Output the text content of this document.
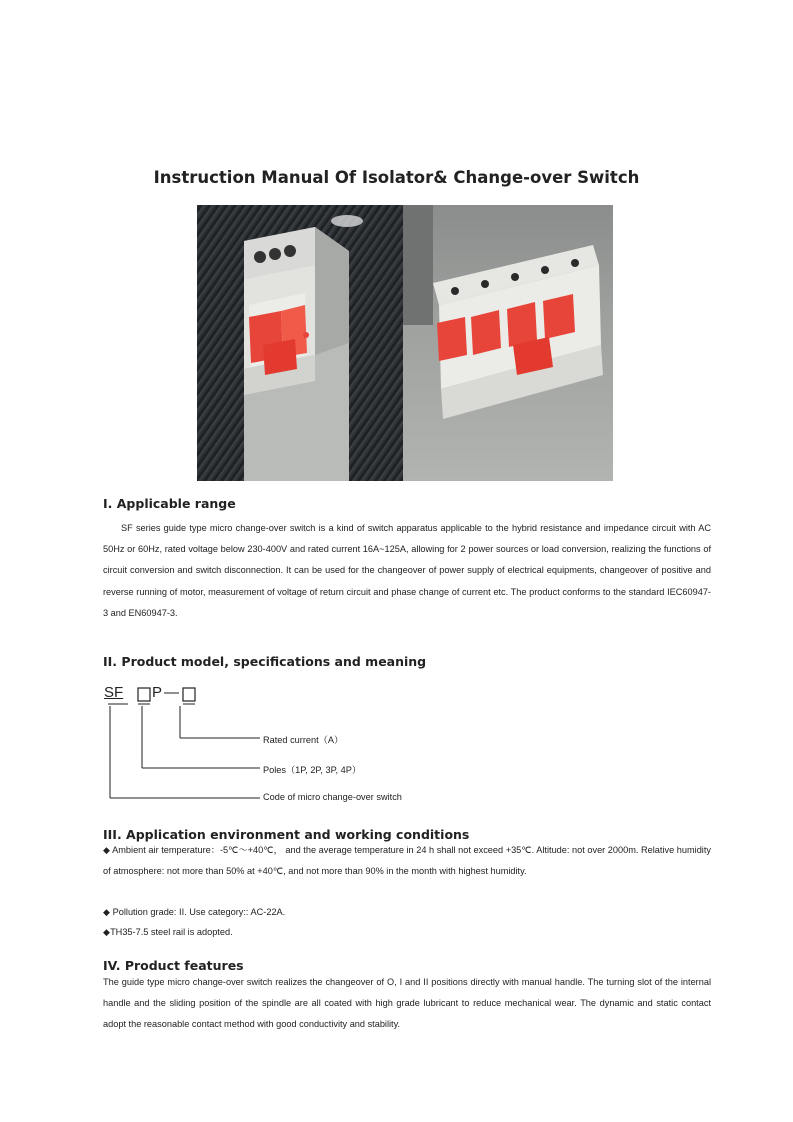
Instruction Manual Of Isolator& Change-over Switch
I. Applicable range
SF series guide type micro change-over switch is a kind of switch apparatus applicable to the hybrid resistance and impedance circuit with AC 50Hz or 60Hz, rated voltage below 230-400V and rated current 16A~125A, allowing for 2 power sources or load conversion, realizing the functions of circuit conversion and switch disconnection. It can be used for the changeover of power supply of electrical equipments, changeover of positive and reverse running of motor, measurement of voltage of return circuit and phase change of current etc. The product conforms to the standard IEC60947-3 and EN60947-3.
II. Product model, specifications and meaning
SF P —
Rated current（A）
Poles（1P, 2P, 3P, 4P）
Code of micro change-over switch
III. Application environment and working conditions
◆ Ambient air temperature：-5℃～+40℃， and the average temperature in 24 h shall not exceed +35℃. Altitude: not over 2000m. Relative humidity of atmosphere: not more than 50% at +40℃, and not more than 90% in the month with highest humidity.
◆ Pollution grade: II. Use category:: AC-22A.
◆TH35-7.5 steel rail is adopted.
IV. Product features
The guide type micro change-over switch realizes the changeover of O, I and II positions directly with manual handle. The turning slot of the internal handle and the sliding position of the spindle are all coated with high grade lubricant to reduce mechanical wear. The dynamic and static contact adopt the reasonable contact method with good conductivity and stability.
